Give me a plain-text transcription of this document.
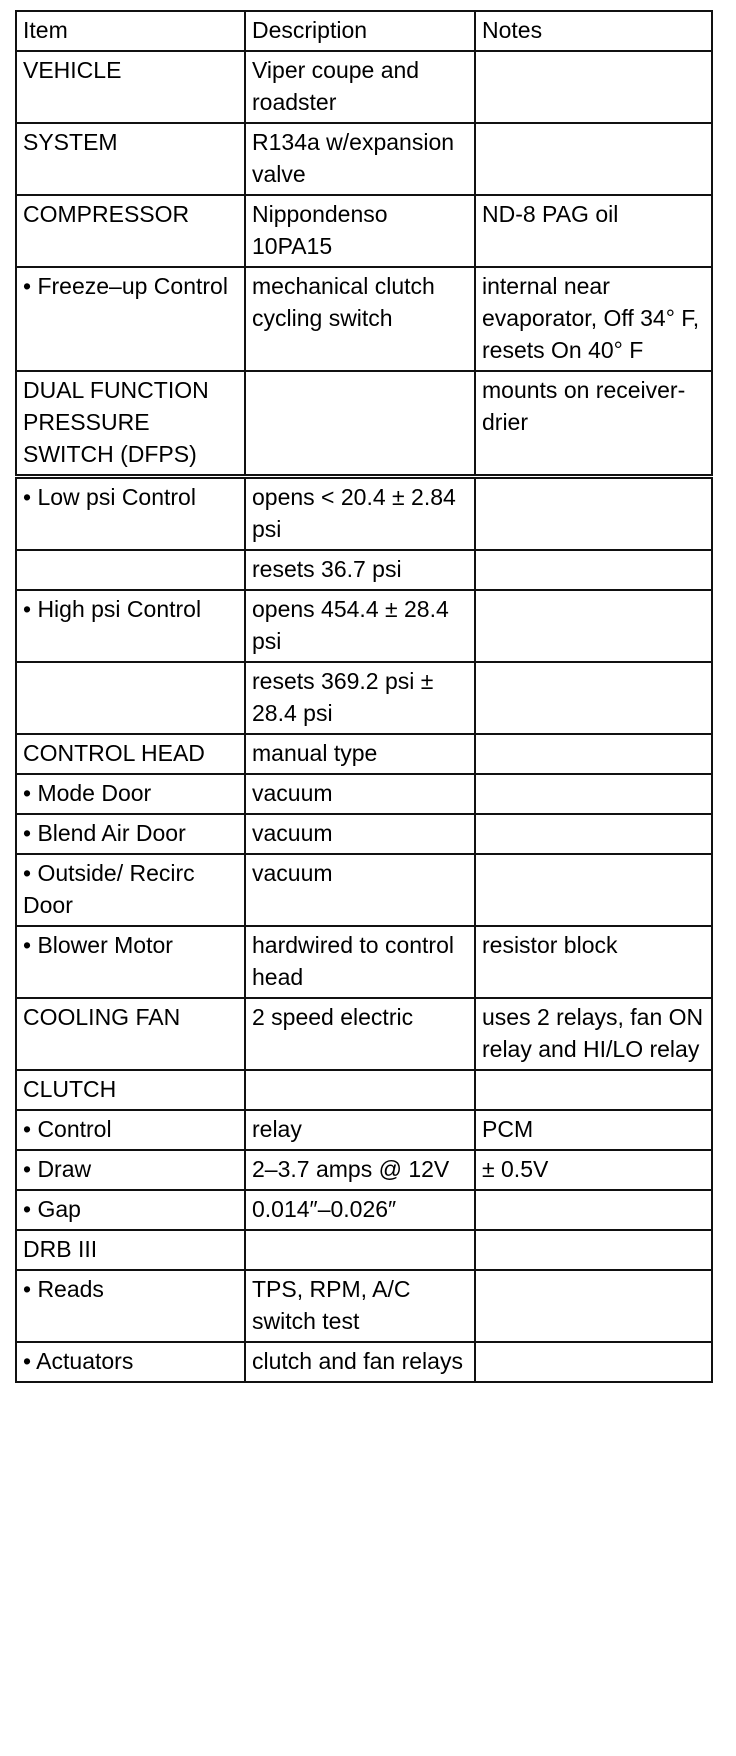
Item	Description	Notes
VEHICLE	Viper coupe and roadster	
SYSTEM	R134a w/expansion valve	
COMPRESSOR	Nippondenso 10PA15	ND-8 PAG oil
• Freeze–up Control	mechanical clutch cycling switch	internal near evaporator, Off 34° F, resets On 40° F
DUAL FUNCTION PRESSURE SWITCH (DFPS)		mounts on receiver-drier
• Low psi Control	opens < 20.4 ± 2.84 psi	
	resets 36.7 psi	
• High psi Control	opens 454.4 ± 28.4 psi	
	resets 369.2 psi ± 28.4 psi	
CONTROL HEAD	manual type	
• Mode Door	vacuum	
• Blend Air Door	vacuum	
• Outside/ Recirc Door	vacuum	
• Blower Motor	hardwired to control head	resistor block
COOLING FAN	2 speed electric	uses 2 relays, fan ON relay and HI/LO relay
CLUTCH		
• Control	relay	PCM
• Draw	2–3.7 amps @ 12V	± 0.5V
• Gap	0.014″–0.026″	
DRB III		
• Reads	TPS, RPM, A/C switch test	
• Actuators	clutch and fan relays	
